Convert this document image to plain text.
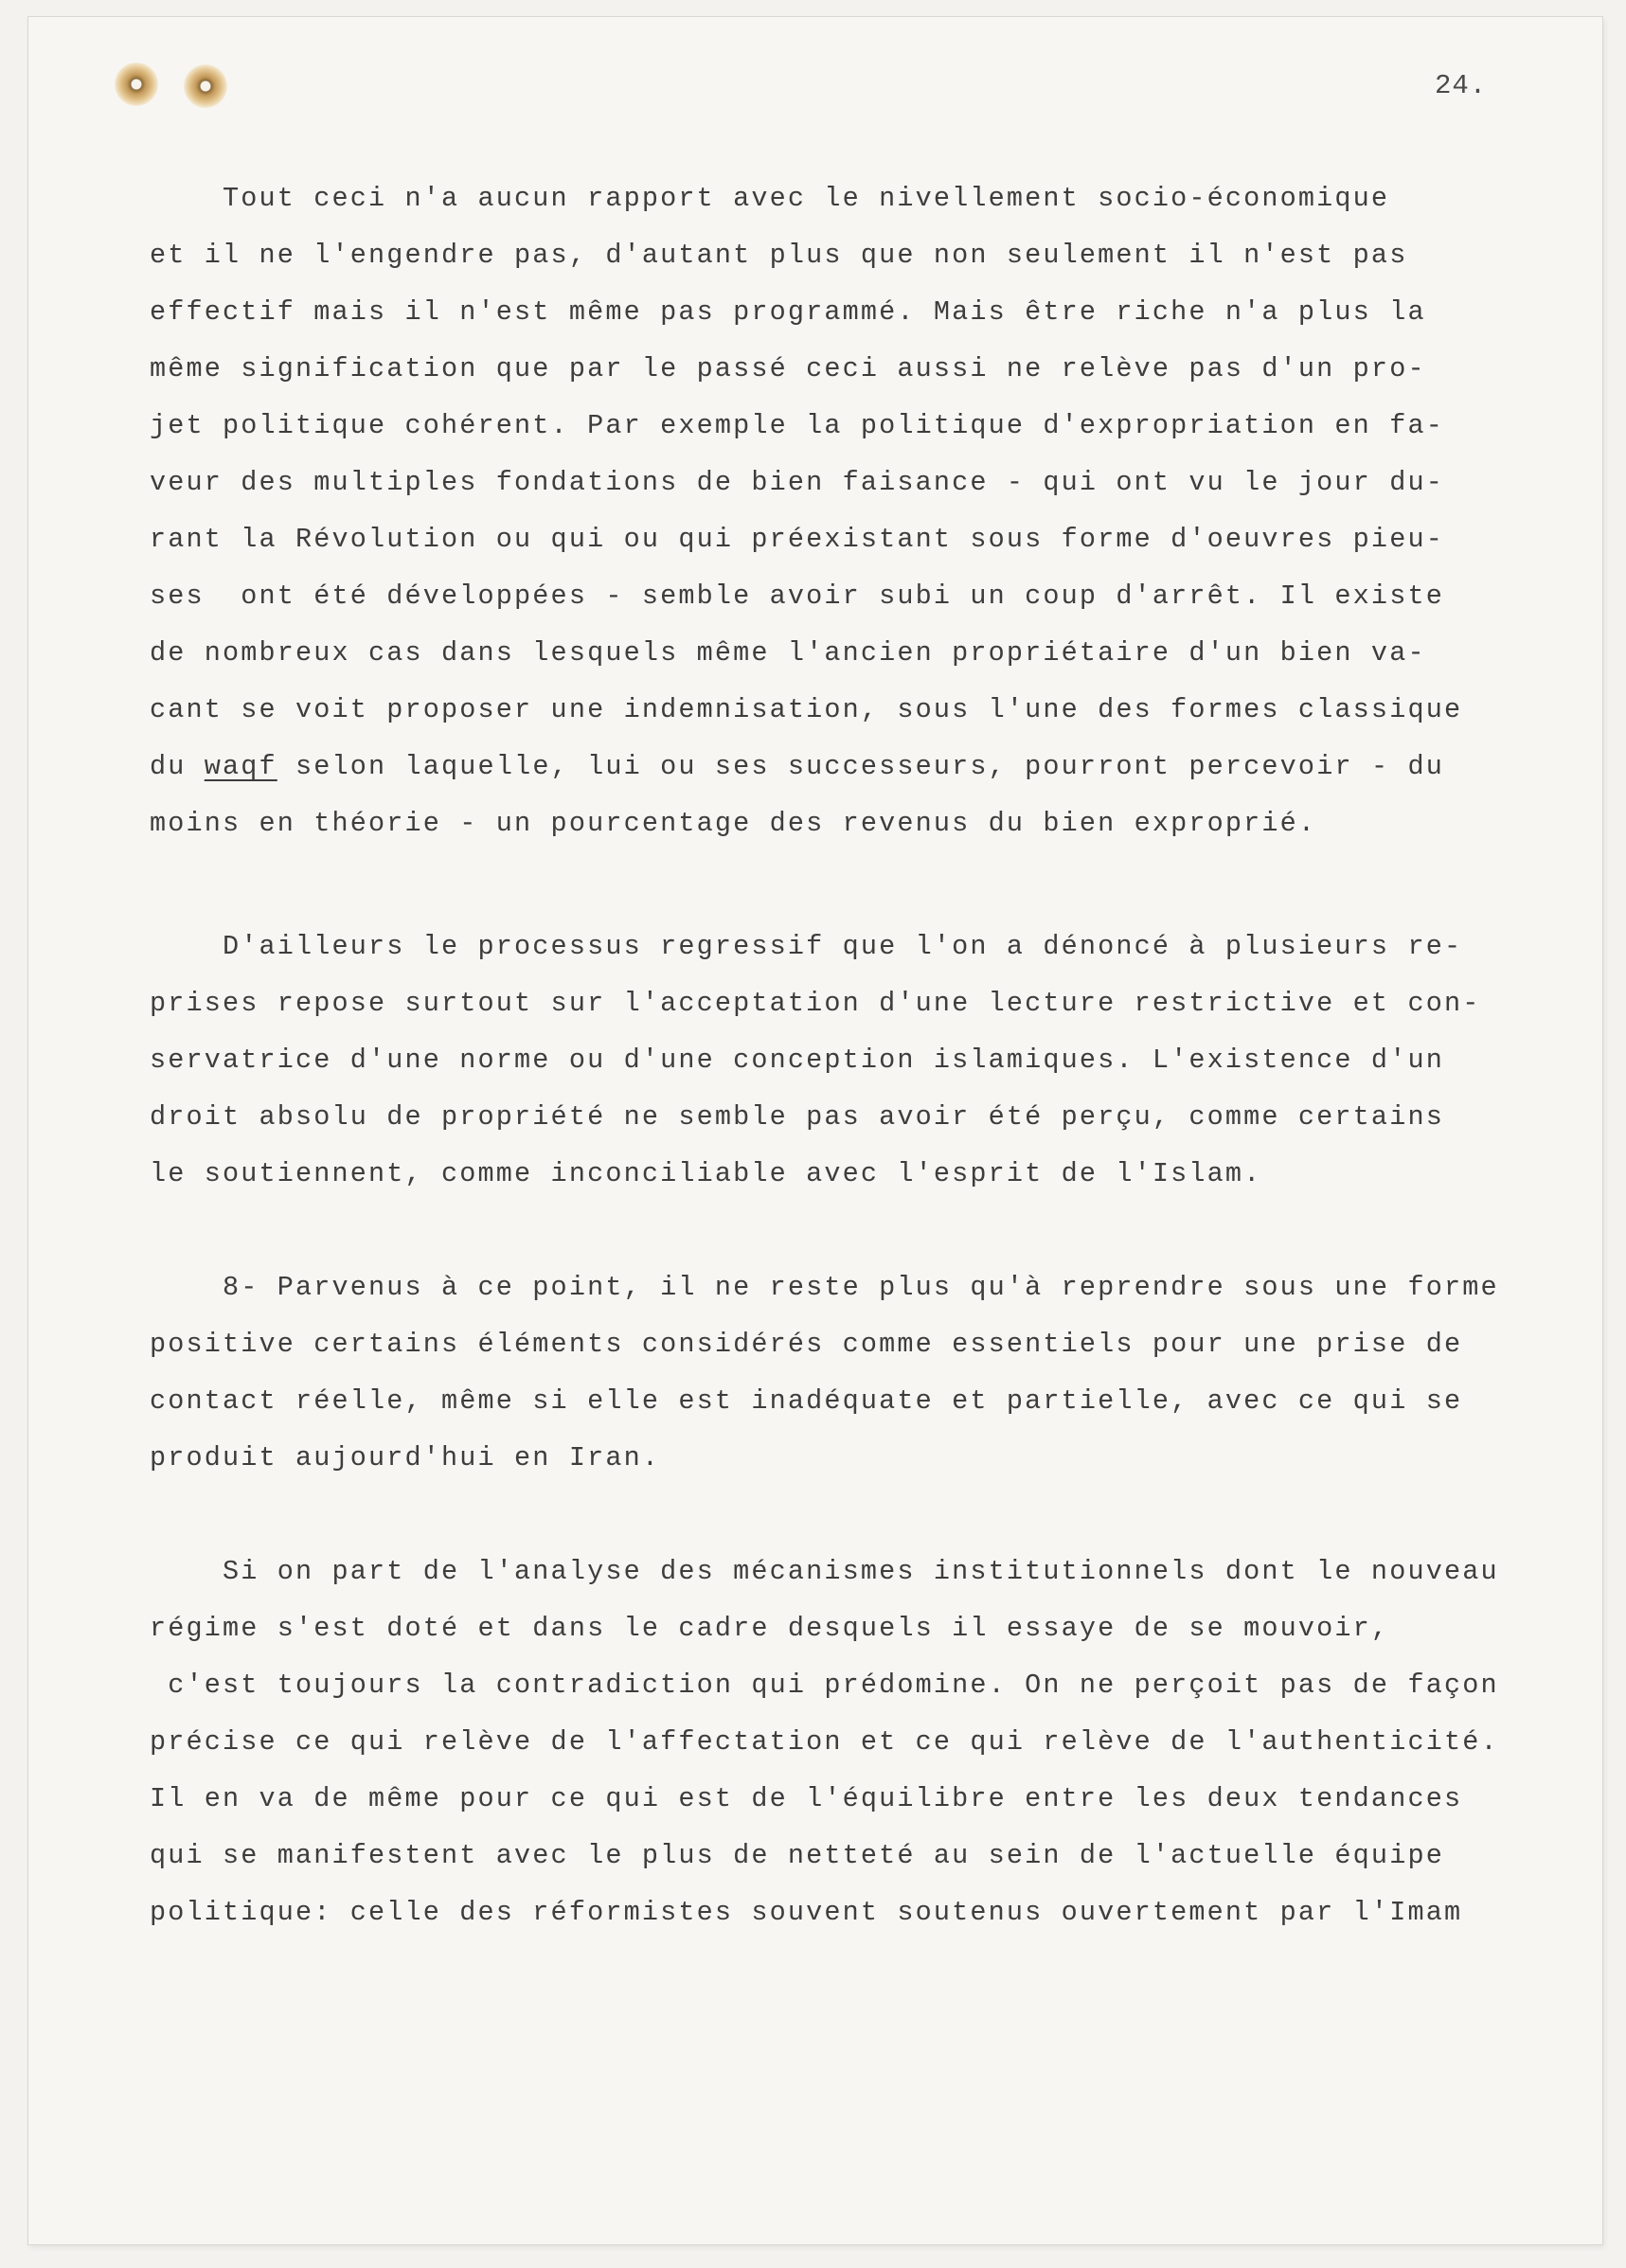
24.
Tout ceci n'a aucun rapport avec le nivellement socio-économique
et il ne l'engendre pas, d'autant plus que non seulement il n'est pas
effectif mais il n'est même pas programmé. Mais être riche n'a plus la
même signification que par le passé ceci aussi ne relève pas d'un pro-
jet politique cohérent. Par exemple la politique d'expropriation en fa-
veur des multiples fondations de bien faisance - qui ont vu le jour du-
rant la Révolution ou qui ou qui préexistant sous forme d'oeuvres pieu-
ses  ont été développées - semble avoir subi un coup d'arrêt. Il existe
de nombreux cas dans lesquels même l'ancien propriétaire d'un bien va-
cant se voit proposer une indemnisation, sous l'une des formes classique
du waqf selon laquelle, lui ou ses successeurs, pourront percevoir - du
moins en théorie - un pourcentage des revenus du bien exproprié.
D'ailleurs le processus regressif que l'on a dénoncé à plusieurs re-
prises repose surtout sur l'acceptation d'une lecture restrictive et con-
servatrice d'une norme ou d'une conception islamiques. L'existence d'un
droit absolu de propriété ne semble pas avoir été perçu, comme certains
le soutiennent, comme inconciliable avec l'esprit de l'Islam.
8- Parvenus à ce point, il ne reste plus qu'à reprendre sous une forme
positive certains éléments considérés comme essentiels pour une prise de
contact réelle, même si elle est inadéquate et partielle, avec ce qui se
produit aujourd'hui en Iran.
Si on part de l'analyse des mécanismes institutionnels dont le nouveau
régime s'est doté et dans le cadre desquels il essaye de se mouvoir,
c'est toujours la contradiction qui prédomine. On ne perçoit pas de façon
précise ce qui relève de l'affectation et ce qui relève de l'authenticité.
Il en va de même pour ce qui est de l'équilibre entre les deux tendances
qui se manifestent avec le plus de netteté au sein de l'actuelle équipe
politique: celle des réformistes souvent soutenus ouvertement par l'Imam
